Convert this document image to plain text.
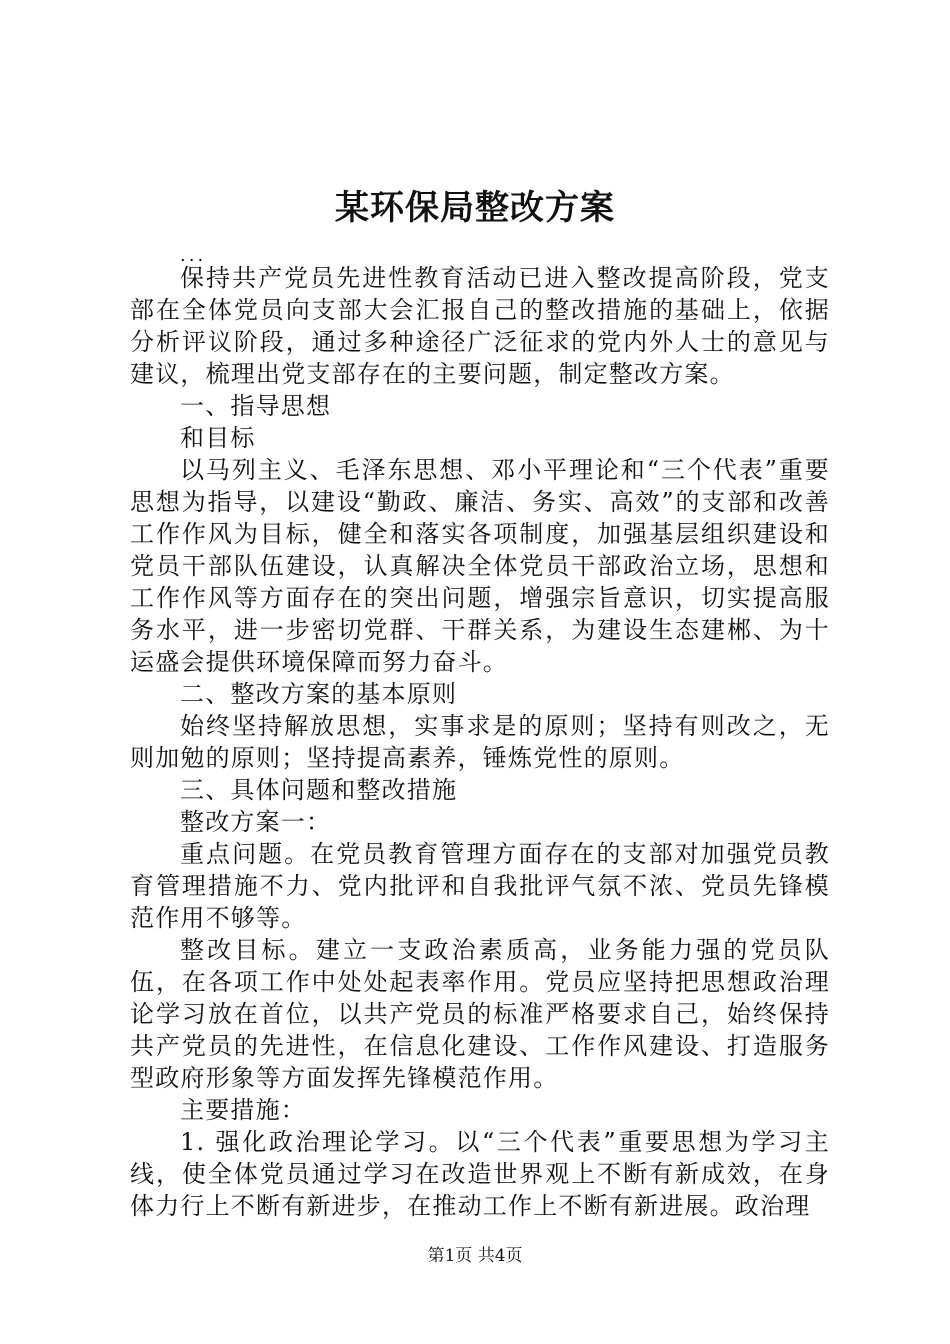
某环保局整改方案
...

保持共产党员先进性教育活动已进入整改提高阶段，党支部在全体党员向支部大会汇报自己的整改措施的基础上，依据分析评议阶段，通过多种途径广泛征求的党内外人士的意见与建议，梳理出党支部存在的主要问题，制定整改方案。

一、指导思想

和目标

以马列主义、毛泽东思想、邓小平理论和“三个代表”重要思想为指导，以建设“勤政、廉洁、务实、高效”的支部和改善工作作风为目标，健全和落实各项制度，加强基层组织建设和党员干部队伍建设，认真解决全体党员干部政治立场，思想和工作作风等方面存在的突出问题，增强宗旨意识，切实提高服务水平，进一步密切党群、干群关系，为建设生态建郴、为十运盛会提供环境保障而努力奋斗。

二、整改方案的基本原则

始终坚持解放思想，实事求是的原则；坚持有则改之，无则加勉的原则；坚持提高素养，锤炼党性的原则。

三、具体问题和整改措施

整改方案一：

重点问题。在党员教育管理方面存在的支部对加强党员教育管理措施不力、党内批评和自我批评气氛不浓、党员先锋模范作用不够等。

整改目标。建立一支政治素质高，业务能力强的党员队伍，在各项工作中处处起表率作用。党员应坚持把思想政治理论学习放在首位，以共产党员的标准严格要求自己，始终保持共产党员的先进性，在信息化建设、工作作风建设、打造服务型政府形象等方面发挥先锋模范作用。

主要措施：

1. 强化政治理论学习。以“三个代表”重要思想为学习主线，使全体党员通过学习在改造世界观上不断有新成效，在身体力行上不断有新进步，在推动工作上不断有新进展。政治理

第1页 共4页
